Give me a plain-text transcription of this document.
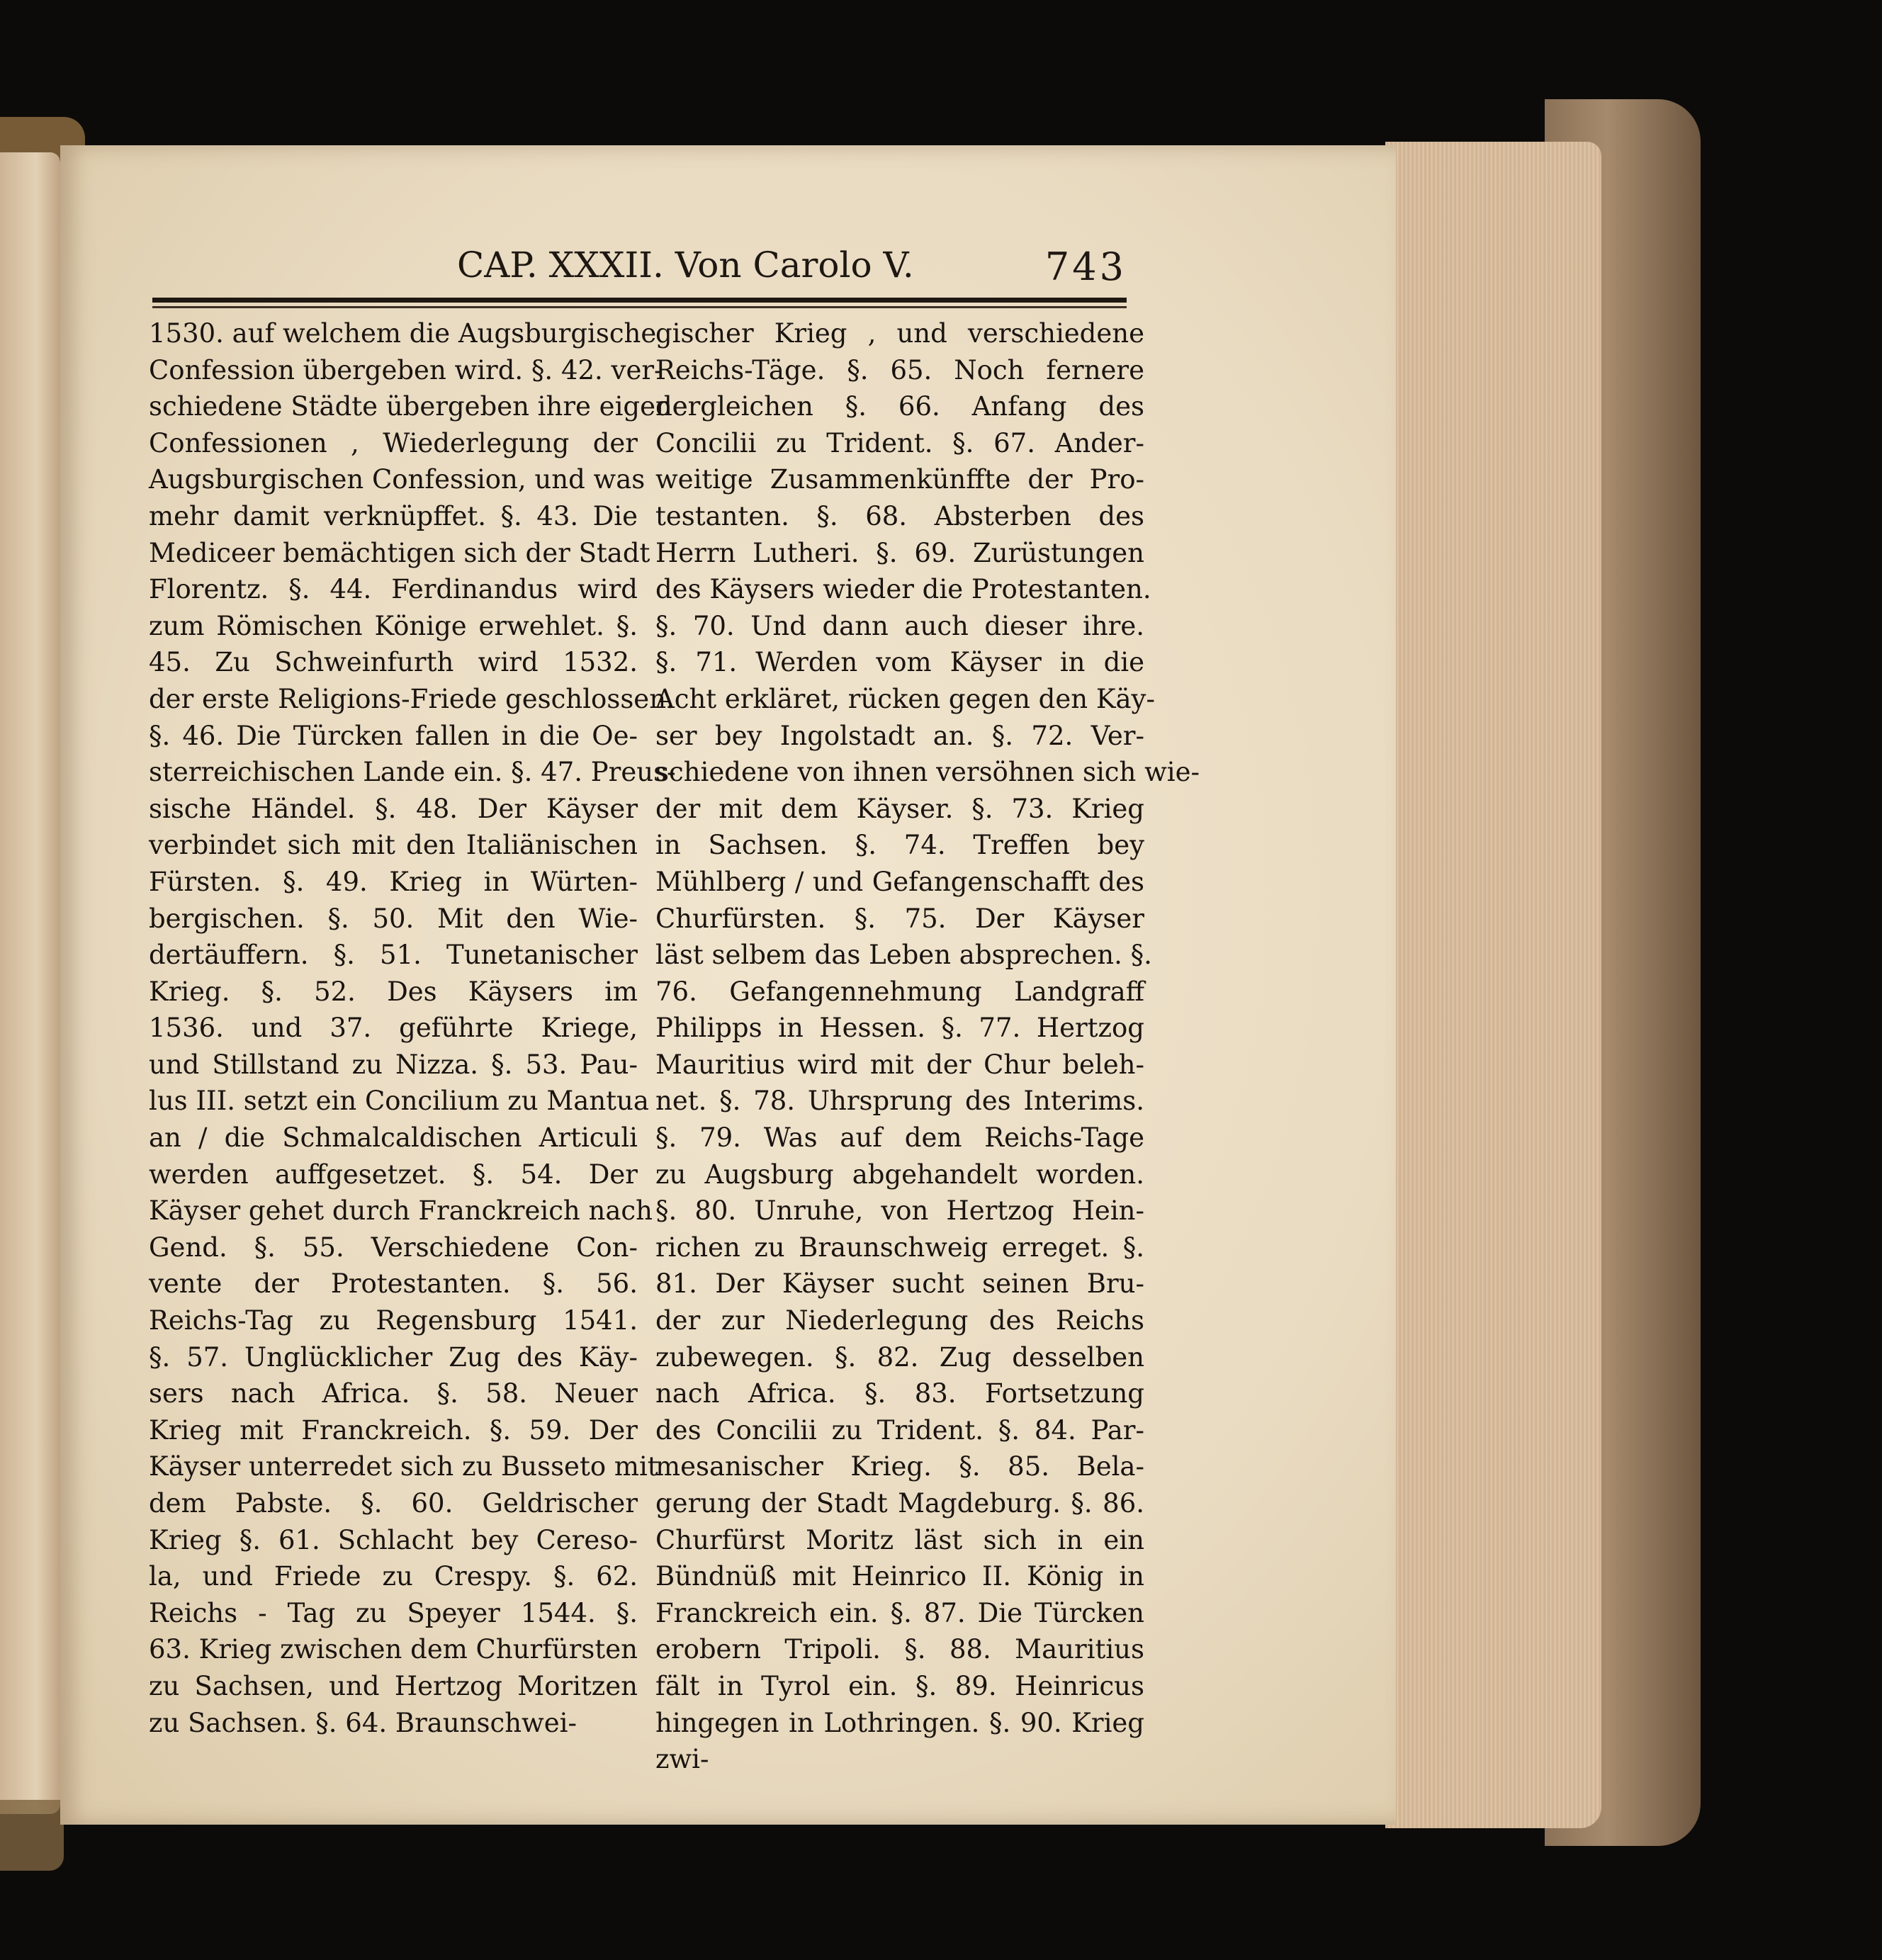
CAP. XXXII. Von Carolo V.	743
1530. auf welchem die Augsburgische
Confession übergeben wird. §. 42. ver-
schiedene Städte übergeben ihre eigene
Confessionen , Wiederlegung der
Augsburgischen Confession, und was
mehr damit verknüpffet. §. 43. Die
Mediceer bemächtigen sich der Stadt
Florentz. §. 44. Ferdinandus wird
zum Römischen Könige erwehlet. §.
45. Zu Schweinfurth wird 1532.
der erste Religions-Friede geschlossen.
§. 46. Die Türcken fallen in die Oe-
sterreichischen Lande ein. §. 47. Preus-
sische Händel. §. 48. Der Käyser
verbindet sich mit den Italiänischen
Fürsten. §. 49. Krieg in Würten-
bergischen. §. 50. Mit den Wie-
dertäuffern. §. 51. Tunetanischer
Krieg. §. 52. Des Käysers im
1536. und 37. geführte Kriege,
und Stillstand zu Nizza. §. 53. Pau-
lus III. setzt ein Concilium zu Mantua
an / die Schmalcaldischen Articuli
werden auffgesetzet. §. 54. Der
Käyser gehet durch Franckreich nach
Gend. §. 55. Verschiedene Con-
vente der Protestanten. §. 56.
Reichs-Tag zu Regensburg 1541.
§. 57. Unglücklicher Zug des Käy-
sers nach Africa. §. 58. Neuer
Krieg mit Franckreich. §. 59. Der
Käyser unterredet sich zu Busseto mit
dem Pabste. §. 60. Geldrischer
Krieg §. 61. Schlacht bey Cereso-
la, und Friede zu Crespy. §. 62.
Reichs - Tag zu Speyer 1544. §.
63. Krieg zwischen dem Churfürsten
zu Sachsen, und Hertzog Moritzen
zu Sachsen. §. 64. Braunschwei-
gischer Krieg , und verschiedene
Reichs-Täge. §. 65. Noch fernere
dergleichen §. 66. Anfang des
Concilii zu Trident. §. 67. Ander-
weitige Zusammenkünffte der Pro-
testanten. §. 68. Absterben des
Herrn Lutheri. §. 69. Zurüstungen
des Käysers wieder die Protestanten.
§. 70. Und dann auch dieser ihre.
§. 71. Werden vom Käyser in die
Acht erkläret, rücken gegen den Käy-
ser bey Ingolstadt an. §. 72. Ver-
schiedene von ihnen versöhnen sich wie-
der mit dem Käyser. §. 73. Krieg
in Sachsen. §. 74. Treffen bey
Mühlberg / und Gefangenschafft des
Churfürsten. §. 75. Der Käyser
läst selbem das Leben absprechen. §.
76. Gefangennehmung Landgraff
Philipps in Hessen. §. 77. Hertzog
Mauritius wird mit der Chur beleh-
net. §. 78. Uhrsprung des Interims.
§. 79. Was auf dem Reichs-Tage
zu Augsburg abgehandelt worden.
§. 80. Unruhe, von Hertzog Hein-
richen zu Braunschweig erreget. §.
81. Der Käyser sucht seinen Bru-
der zur Niederlegung des Reichs
zubewegen. §. 82. Zug desselben
nach Africa. §. 83. Fortsetzung
des Concilii zu Trident. §. 84. Par-
mesanischer Krieg. §. 85. Bela-
gerung der Stadt Magdeburg. §. 86.
Churfürst Moritz läst sich in ein
Bündnüß mit Heinrico II. König in
Franckreich ein. §. 87. Die Türcken
erobern Tripoli. §. 88. Mauritius
fält in Tyrol ein. §. 89. Heinricus
hingegen in Lothringen. §. 90. Krieg
zwi-
